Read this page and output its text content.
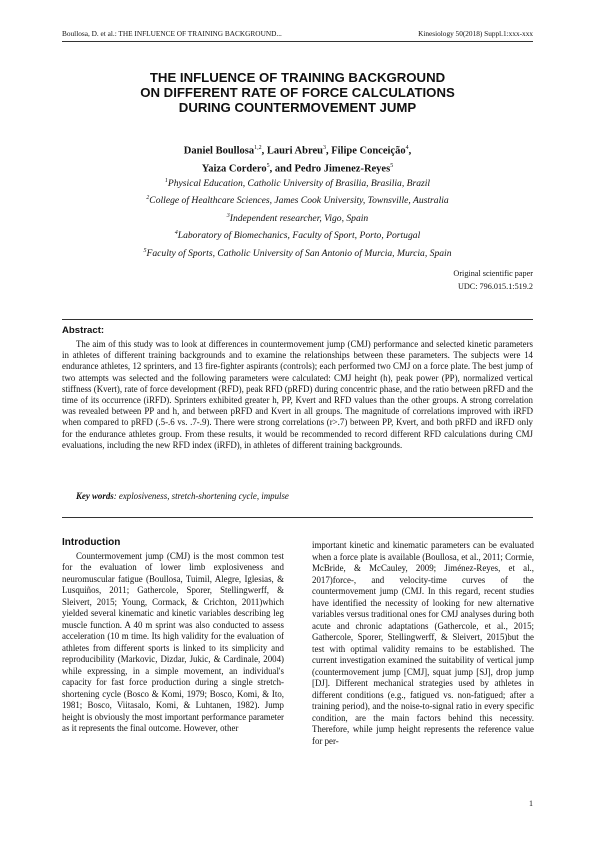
Boullosa, D. et al.: THE INFLUENCE OF TRAINING BACKGROUND...	Kinesiology 50(2018) Suppl.1:xxx-xxx
THE INFLUENCE OF TRAINING BACKGROUND
ON DIFFERENT RATE OF FORCE CALCULATIONS
DURING COUNTERMOVEMENT JUMP
Daniel Boullosa$^{1,2}$, Lauri Abreu$^3$, Filipe Conceição$^4$,
Yaiza Cordero$^5$, and Pedro Jimenez-Reyes$^5$
$^1$Physical Education, Catholic University of Brasilia, Brasilia, Brazil
$^2$College of Healthcare Sciences, James Cook University, Townsville, Australia
$^3$Independent researcher, Vigo, Spain
$^4$Laboratory of Biomechanics, Faculty of Sport, Porto, Portugal
$^5$Faculty of Sports, Catholic University of San Antonio of Murcia, Murcia, Spain
Original scientific paper
UDC: 796.015.1:519.2
Abstract:
The aim of this study was to look at differences in countermovement jump (CMJ) performance and selected kinetic parameters in athletes of different training backgrounds and to examine the relationships between these parameters. The subjects were 14 endurance athletes, 12 sprinters, and 13 fire-fighter aspirants (controls); each performed two CMJ on a force plate. The best jump of two attempts was selected and the following parameters were calculated: CMJ height (h), peak power (PP), normalized vertical stiffness (Kvert), rate of force development (RFD), peak RFD (pRFD) during concentric phase, and the ratio between pRFD and the time of its occurrence (iRFD). Sprinters exhibited greater h, PP, Kvert and RFD values than the other groups. A strong correlation was revealed between PP and h, and between pRFD and Kvert in all groups. The magnitude of correlations improved with iRFD when compared to pRFD (.5-.6 vs. .7-.9). There were strong correlations (r>.7) between PP, Kvert, and both pRFD and iRFD only for the endurance athletes group. From these results, it would be recommended to record different RFD calculations during CMJ evaluations, including the new RFD index (iRFD), in athletes of different training backgrounds.
Key words: explosiveness, stretch-shortening cycle, impulse
Introduction

Countermovement jump (CMJ) is the most common test for the evaluation of lower limb explosiveness and neuromuscular fatigue (Boullosa, Tuimil, Alegre, Iglesias, & Lusquiños, 2011; Gathercole, Sporer, Stellingwerff, & Sleivert, 2015; Young, Cormack, & Crichton, 2011)which yielded several kinematic and kinetic variables describing leg muscle function. A 40 m sprint was also conducted to assess acceleration (10 m time. Its high validity for the evaluation of athletes from different sports is linked to its simplicity and reproducibility (Markovic, Dizdar, Jukic, & Cardinale, 2004) while expressing, in a simple movement, an individual's capacity for fast force production during a single stretch-shortening cycle (Bosco & Komi, 1979; Bosco, Komi, & Ito, 1981; Bosco, Viitasalo, Komi, & Luhtanen, 1982). Jump height is obviously the most important performance parameter as it represents the final outcome. However, other

important kinetic and kinematic parameters can be evaluated when a force plate is available (Boullosa, et al., 2011; Cormie, McBride, & McCauley, 2009; Jiménez-Reyes, et al., 2017)force-, and velocity-time curves of the countermovement jump (CMJ. In this regard, recent studies have identified the necessity of looking for new alternative variables versus traditional ones for CMJ analyses during both acute and chronic adaptations (Gathercole, et al., 2015; Gathercole, Sporer, Stellingwerff, & Sleivert, 2015)but the test with optimal validity remains to be established. The current investigation examined the suitability of vertical jump (countermovement jump [CMJ], squat jump [SJ], drop jump [DJ]. Different mechanical strategies used by athletes in different conditions (e.g., fatigued vs. non-fatigued; after a training period), and the noise-to-signal ratio in every specific condition, are the main factors behind this necessity. Therefore, while jump height represents the reference value for per-

1
